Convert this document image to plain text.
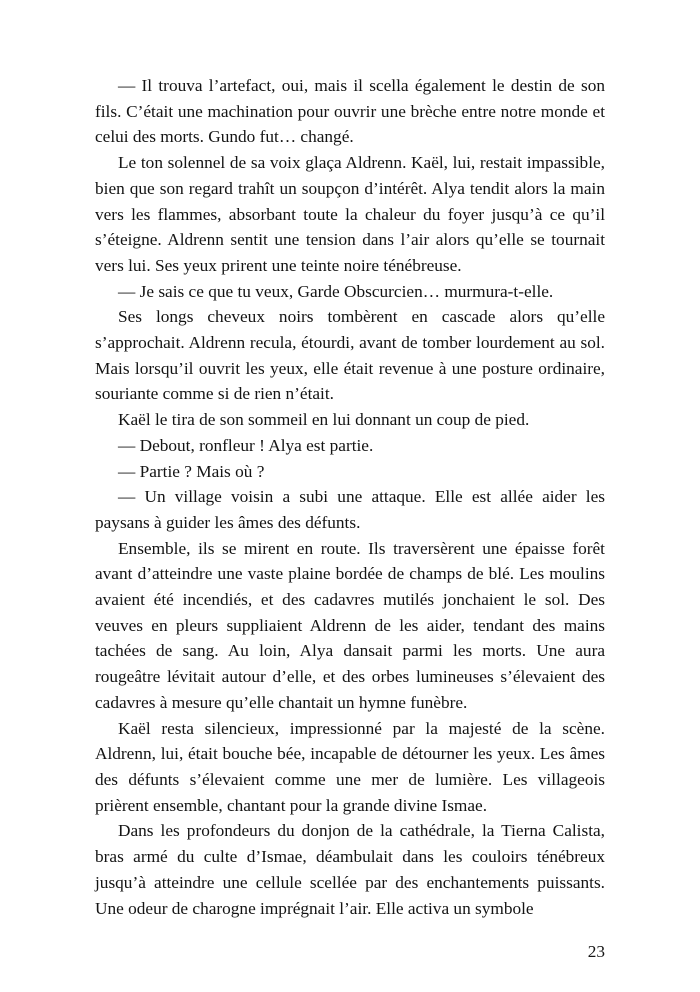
— Il trouva l’artefact, oui, mais il scella également le destin de son fils. C’était une machination pour ouvrir une brèche entre notre monde et celui des morts. Gundo fut… changé.

Le ton solennel de sa voix glaça Aldrenn. Kaël, lui, restait impassible, bien que son regard trahît un soupçon d’intérêt. Alya tendit alors la main vers les flammes, absorbant toute la chaleur du foyer jusqu’à ce qu’il s’éteigne. Aldrenn sentit une tension dans l’air alors qu’elle se tournait vers lui. Ses yeux prirent une teinte noire ténébreuse.

— Je sais ce que tu veux, Garde Obscurcien… murmura-t-elle.

Ses longs cheveux noirs tombèrent en cascade alors qu’elle s’approchait. Aldrenn recula, étourdi, avant de tomber lourdement au sol. Mais lorsqu’il ouvrit les yeux, elle était revenue à une posture ordinaire, souriante comme si de rien n’était.

Kaël le tira de son sommeil en lui donnant un coup de pied.

— Debout, ronfleur ! Alya est partie.

— Partie ? Mais où ?

— Un village voisin a subi une attaque. Elle est allée aider les paysans à guider les âmes des défunts.

Ensemble, ils se mirent en route. Ils traversèrent une épaisse forêt avant d’atteindre une vaste plaine bordée de champs de blé. Les moulins avaient été incendiés, et des cadavres mutilés jonchaient le sol. Des veuves en pleurs suppliaient Aldrenn de les aider, tendant des mains tachées de sang. Au loin, Alya dansait parmi les morts. Une aura rougeâtre lévitait autour d’elle, et des orbes lumineuses s’élevaient des cadavres à mesure qu’elle chantait un hymne funèbre.

Kaël resta silencieux, impressionné par la majesté de la scène. Aldrenn, lui, était bouche bée, incapable de détourner les yeux. Les âmes des défunts s’élevaient comme une mer de lumière. Les villageois prièrent ensemble, chantant pour la grande divine Ismae.

Dans les profondeurs du donjon de la cathédrale, la Tierna Calista, bras armé du culte d’Ismae, déambulait dans les couloirs ténébreux jusqu’à atteindre une cellule scellée par des enchantements puissants. Une odeur de charogne imprégnait l’air. Elle activa un symbole

23
